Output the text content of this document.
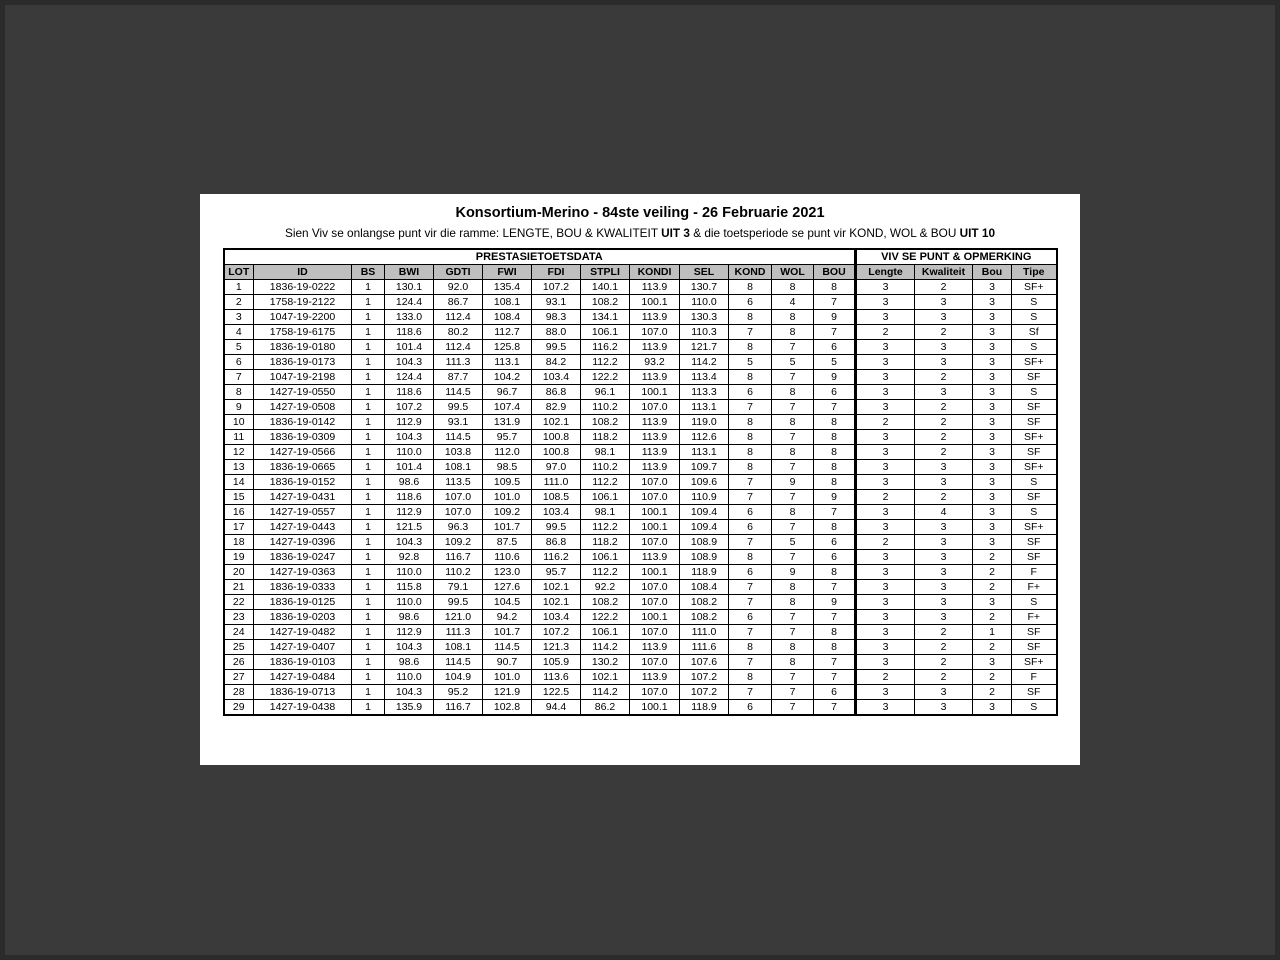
Konsortium-Merino - 84ste veiling - 26 Februarie 2021
Sien Viv se onlangse punt vir die ramme: LENGTE, BOU & KWALITEIT UIT 3 & die toetsperiode se punt vir KOND, WOL & BOU UIT 10
PRESTASIETOETSDATA													VIV SE PUNT & OPMERKING			
LOT	ID	BS	BWI	GDTI	FWI	FDI	STPLI	KONDI	SEL	KOND	WOL	BOU	Lengte	Kwaliteit	Bou	Tipe
1	1836-19-0222	1	130.1	92.0	135.4	107.2	140.1	113.9	130.7	8	8	8	3	2	3	SF+
2	1758-19-2122	1	124.4	86.7	108.1	93.1	108.2	100.1	110.0	6	4	7	3	3	3	S
3	1047-19-2200	1	133.0	112.4	108.4	98.3	134.1	113.9	130.3	8	8	9	3	3	3	S
4	1758-19-6175	1	118.6	80.2	112.7	88.0	106.1	107.0	110.3	7	8	7	2	2	3	Sf
5	1836-19-0180	1	101.4	112.4	125.8	99.5	116.2	113.9	121.7	8	7	6	3	3	3	S
6	1836-19-0173	1	104.3	111.3	113.1	84.2	112.2	93.2	114.2	5	5	5	3	3	3	SF+
7	1047-19-2198	1	124.4	87.7	104.2	103.4	122.2	113.9	113.4	8	7	9	3	2	3	SF
8	1427-19-0550	1	118.6	114.5	96.7	86.8	96.1	100.1	113.3	6	8	6	3	3	3	S
9	1427-19-0508	1	107.2	99.5	107.4	82.9	110.2	107.0	113.1	7	7	7	3	2	3	SF
10	1836-19-0142	1	112.9	93.1	131.9	102.1	108.2	113.9	119.0	8	8	8	2	2	3	SF
11	1836-19-0309	1	104.3	114.5	95.7	100.8	118.2	113.9	112.6	8	7	8	3	2	3	SF+
12	1427-19-0566	1	110.0	103.8	112.0	100.8	98.1	113.9	113.1	8	8	8	3	2	3	SF
13	1836-19-0665	1	101.4	108.1	98.5	97.0	110.2	113.9	109.7	8	7	8	3	3	3	SF+
14	1836-19-0152	1	98.6	113.5	109.5	111.0	112.2	107.0	109.6	7	9	8	3	3	3	S
15	1427-19-0431	1	118.6	107.0	101.0	108.5	106.1	107.0	110.9	7	7	9	2	2	3	SF
16	1427-19-0557	1	112.9	107.0	109.2	103.4	98.1	100.1	109.4	6	8	7	3	4	3	S
17	1427-19-0443	1	121.5	96.3	101.7	99.5	112.2	100.1	109.4	6	7	8	3	3	3	SF+
18	1427-19-0396	1	104.3	109.2	87.5	86.8	118.2	107.0	108.9	7	5	6	2	3	3	SF
19	1836-19-0247	1	92.8	116.7	110.6	116.2	106.1	113.9	108.9	8	7	6	3	3	2	SF
20	1427-19-0363	1	110.0	110.2	123.0	95.7	112.2	100.1	118.9	6	9	8	3	3	2	F
21	1836-19-0333	1	115.8	79.1	127.6	102.1	92.2	107.0	108.4	7	8	7	3	3	2	F+
22	1836-19-0125	1	110.0	99.5	104.5	102.1	108.2	107.0	108.2	7	8	9	3	3	3	S
23	1836-19-0203	1	98.6	121.0	94.2	103.4	122.2	100.1	108.2	6	7	7	3	3	2	F+
24	1427-19-0482	1	112.9	111.3	101.7	107.2	106.1	107.0	111.0	7	7	8	3	2	1	SF
25	1427-19-0407	1	104.3	108.1	114.5	121.3	114.2	113.9	111.6	8	8	8	3	2	2	SF
26	1836-19-0103	1	98.6	114.5	90.7	105.9	130.2	107.0	107.6	7	8	7	3	2	3	SF+
27	1427-19-0484	1	110.0	104.9	101.0	113.6	102.1	113.9	107.2	8	7	7	2	2	2	F
28	1836-19-0713	1	104.3	95.2	121.9	122.5	114.2	107.0	107.2	7	7	6	3	3	2	SF
29	1427-19-0438	1	135.9	116.7	102.8	94.4	86.2	100.1	118.9	6	7	7	3	3	3	S
